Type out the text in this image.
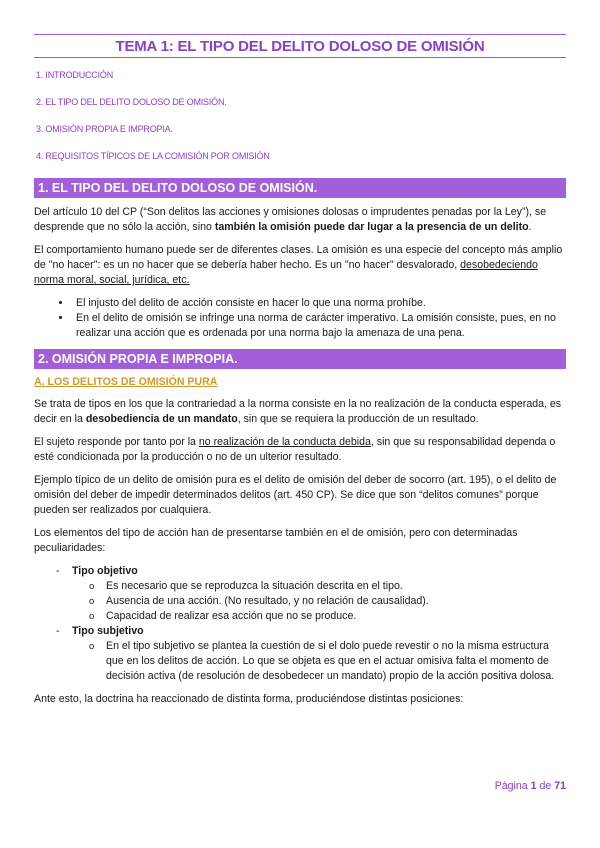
TEMA 1: EL TIPO DEL DELITO DOLOSO DE OMISIÓN
1. INTRODUCCIÓN
2. EL TIPO DEL DELITO DOLOSO DE OMISIÓN.
3. OMISIÓN PROPIA E IMPROPIA.
4. REQUISITOS TÍPICOS DE LA COMISIÓN POR OMISIÓN
1. EL TIPO DEL DELITO DOLOSO DE OMISIÓN.

Del artículo 10 del CP (“Son delitos las acciones y omisiones dolosas o imprudentes penadas por la Ley”), se desprende que no sólo la acción, sino también la omisión puede dar lugar a la presencia de un delito.

El comportamiento humano puede ser de diferentes clases. La omisión es una especie del concepto más amplio de "no hacer": es un no hacer que se debería haber hecho. Es un "no hacer" desvalorado, desobedeciendo norma moral, social, jurídica, etc.

• El injusto del delito de acción consiste en hacer lo que una norma prohíbe.
• En el delito de omisión se infringe una norma de carácter imperativo. La omisión consiste, pues, en no realizar una acción que es ordenada por una norma bajo la amenaza de una pena.
2. OMISIÓN PROPIA E IMPROPIA.
A. LOS DELITOS DE OMISIÓN PURA

Se trata de tipos en los que la contrariedad a la norma consiste en la no realización de la conducta esperada, es decir en la desobediencia de un mandato, sin que se requiera la producción de un resultado.

El sujeto responde por tanto por la no realización de la conducta debida, sin que su responsabilidad dependa o esté condicionada por la producción o no de un ulterior resultado.

Ejemplo típico de un delito de omisión pura es el delito de omisión del deber de socorro (art. 195), o el delito de omisión del deber de impedir determinados delitos (art. 450 CP). Se dice que son “delitos comunes” porque pueden ser realizados por cualquiera.

Los elementos del tipo de acción han de presentarse también en el de omisión, pero con determinadas peculiaridades:

- Tipo objetivo
o Es necesario que se reproduzca la situación descrita en el tipo.
o Ausencia de una acción. (No resultado, y no relación de causalidad).
o Capacidad de realizar esa acción que no se produce.
- Tipo subjetivo
o En el tipo subjetivo se plantea la cuestión de si el dolo puede revestir o no la misma estructura que en los delitos de acción. Lo que se objeta es que en el actuar omisiva falta el momento de decisión activa (de resolución de desobedecer un mandato) propio de la acción positiva dolosa.

Ante esto, la doctrina ha reaccionado de distinta forma, produciéndose distintas posiciones:

Página 1 de 71
